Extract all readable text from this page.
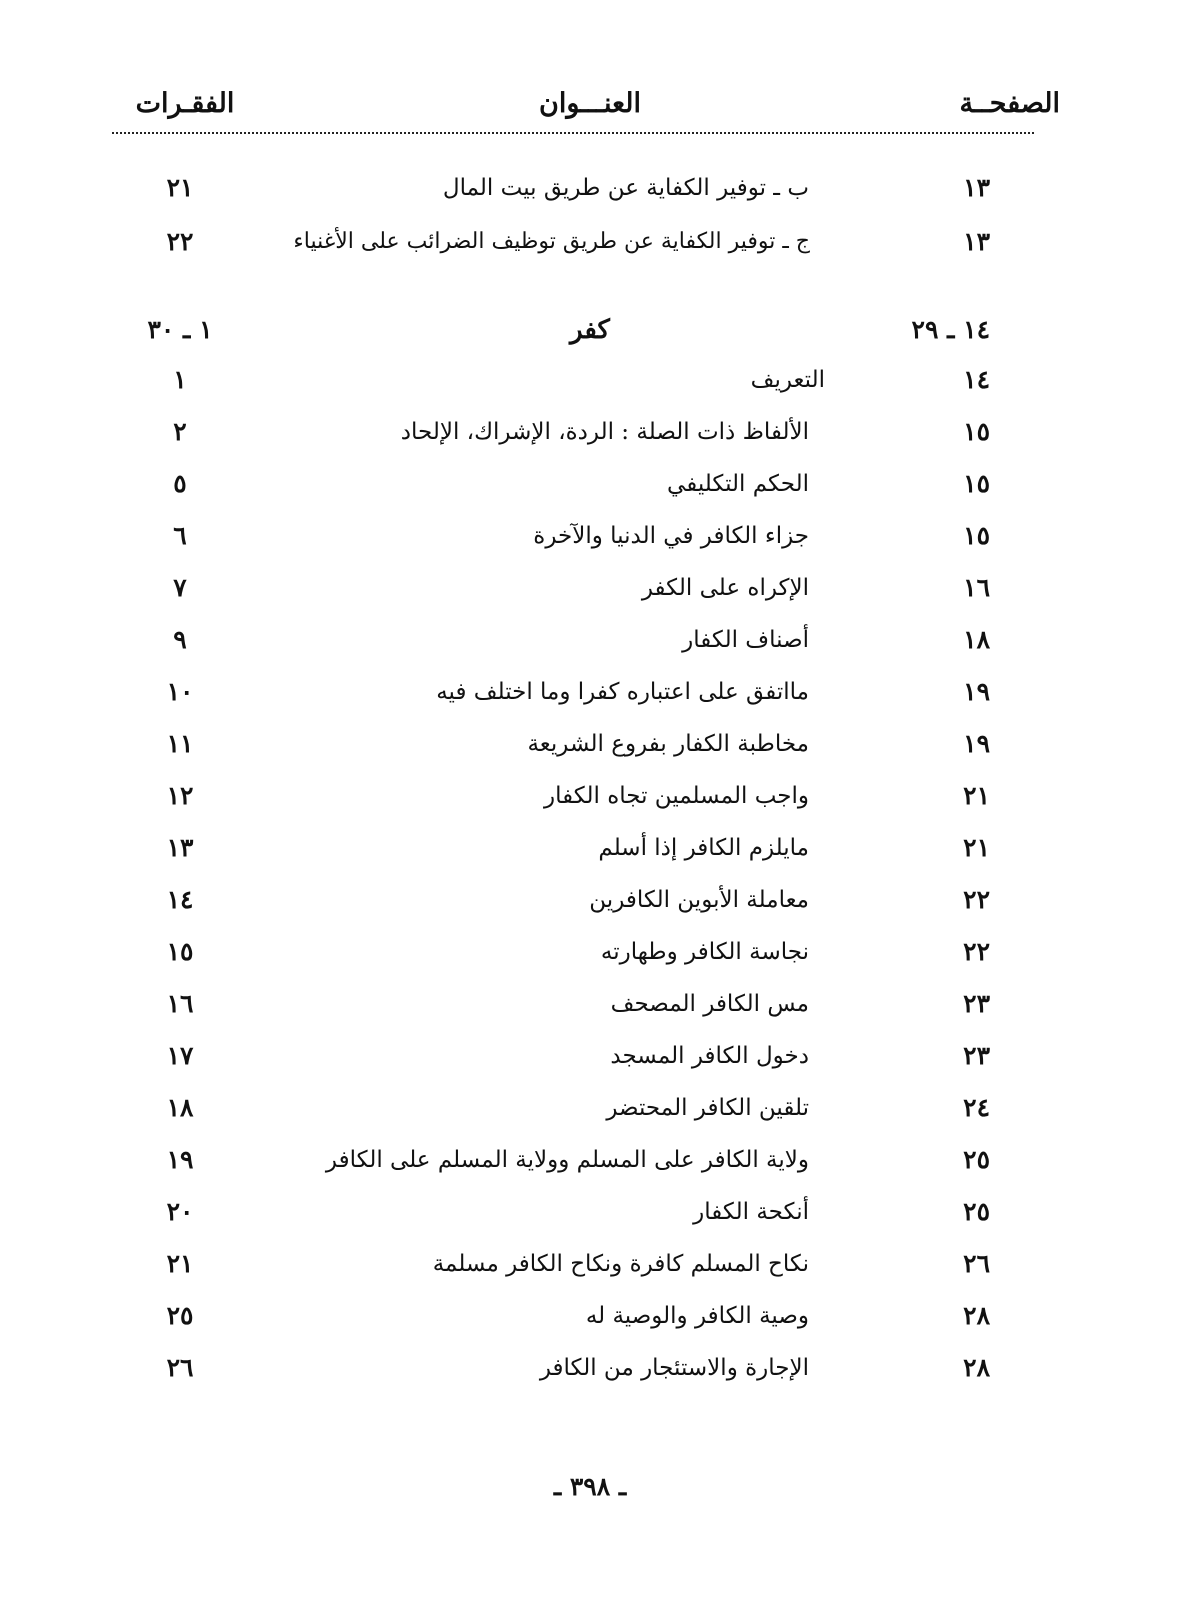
الصفحــة
العنـــوان
الفقـرات
١٣
ب ـ توفير الكفاية عن طريق بيت المال
٢١
١٣
ج ـ توفير الكفاية عن طريق توظيف الضرائب على الأغنياء
٢٢
١٤ ـ ٢٩
كفر
١ ـ ٣٠
١٤
التعريف
١
١٥
الألفاظ ذات الصلة : الردة، الإشراك، الإلحاد
٢
١٥
الحكم التكليفي
٥
١٥
جزاء الكافر في الدنيا والآخرة
٦
١٦
الإكراه على الكفر
٧
١٨
أصناف الكفار
٩
١٩
مااتفق على اعتباره كفرا وما اختلف فيه
١٠
١٩
مخاطبة الكفار بفروع الشريعة
١١
٢١
واجب المسلمين تجاه الكفار
١٢
٢١
مايلزم الكافر إذا أسلم
١٣
٢٢
معاملة الأبوين الكافرين
١٤
٢٢
نجاسة الكافر وطهارته
١٥
٢٣
مس الكافر المصحف
١٦
٢٣
دخول الكافر المسجد
١٧
٢٤
تلقين الكافر المحتضر
١٨
٢٥
ولاية الكافر على المسلم وولاية المسلم على الكافر
١٩
٢٥
أنكحة الكفار
٢٠
٢٦
نكاح المسلم كافرة ونكاح الكافر مسلمة
٢١
٢٨
وصية الكافر والوصية له
٢٥
٢٨
الإجارة والاستئجار من الكافر
٢٦
ـ ٣٩٨ ـ
